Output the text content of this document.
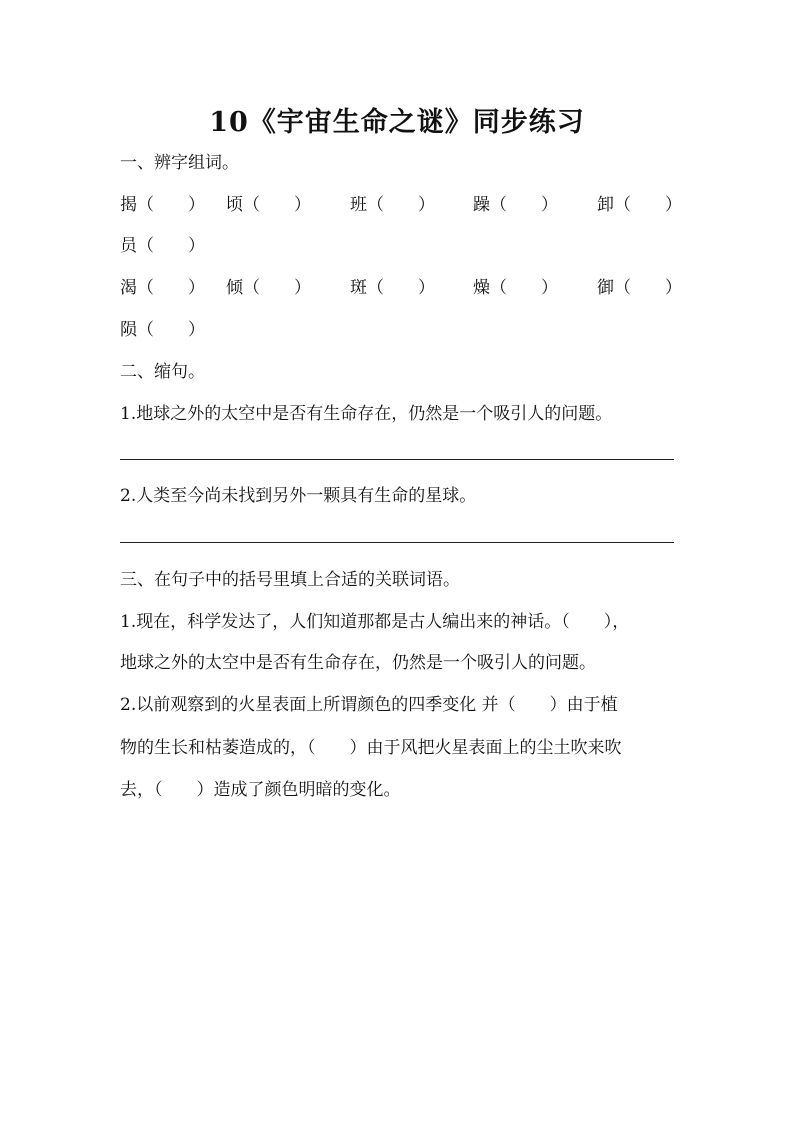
10《宇宙生命之谜》同步练习
一、辨字组词。
揭（　　） 顷（　　） 班（　　） 躁（　　） 卸（　　）
员（　　）
渴（　　） 倾（　　） 斑（　　） 燥（　　） 御（　　）
陨（　　）
二、缩句。
1.地球之外的太空中是否有生命存在，仍然是一个吸引人的问题。
2.人类至今尚未找到另外一颗具有生命的星球。
三、在句子中的括号里填上合适的关联词语。
1.现在，科学发达了，人们知道那都是古人编出来的神话。（　　），
地球之外的太空中是否有生命存在，仍然是一个吸引人的问题。
2.以前观察到的火星表面上所谓颜色的四季变化 并（　　）由于植
物的生长和枯萎造成的，（　　）由于风把火星表面上的尘土吹来吹
去，（　　）造成了颜色明暗的变化。
